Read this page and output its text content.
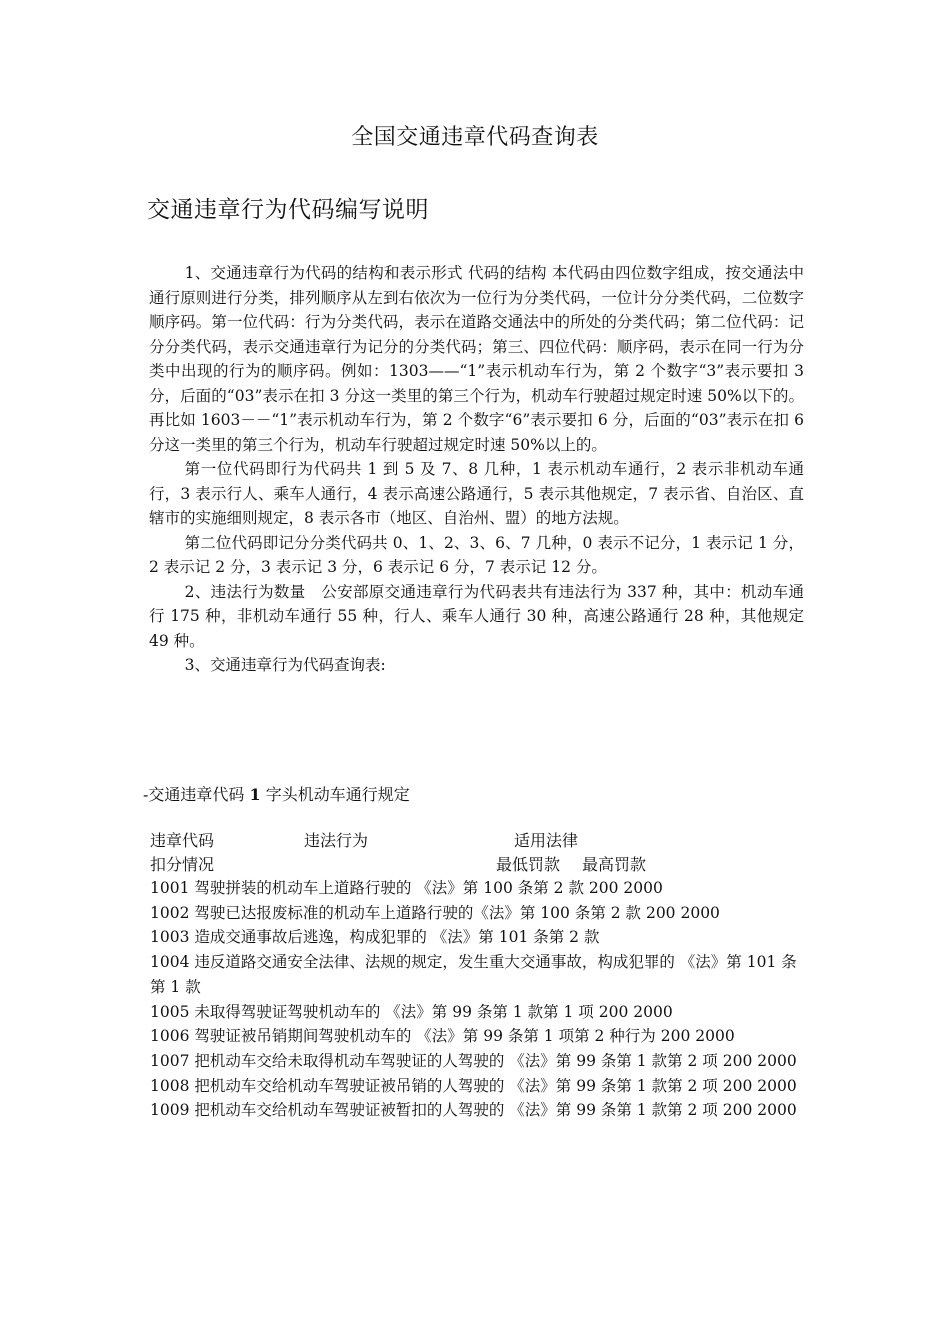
全国交通违章代码查询表
交通违章行为代码编写说明

1、交通违章行为代码的结构和表示形式 代码的结构 本代码由四位数字组成，按交通法中通行原则进行分类，排列顺序从左到右依次为一位行为分类代码，一位计分分类代码，二位数字顺序码。第一位代码：行为分类代码，表示在道路交通法中的所处的分类代码；第二位代码：记分分类代码，表示交通违章行为记分的分类代码；第三、四位代码：顺序码，表示在同一行为分类中出现的行为的顺序码。例如：1303——“1”表示机动车行为，第 2 个数字“3”表示要扣 3 分，后面的“03”表示在扣 3 分这一类里的第三个行为，机动车行驶超过规定时速 50%以下的。再比如 1603－－“1”表示机动车行为，第 2 个数字“6”表示要扣 6 分，后面的“03”表示在扣 6 分这一类里的第三个行为，机动车行驶超过规定时速 50%以上的。

第一位代码即行为代码共 1 到 5 及 7、8 几种，1 表示机动车通行，2 表示非机动车通行，3 表示行人、乘车人通行，4 表示高速公路通行，5 表示其他规定，7 表示省、自治区、直辖市的实施细则规定，8 表示各市（地区、自治州、盟）的地方法规。

第二位代码即记分分类代码共 0、1、2、3、6、7 几种，0 表示不记分，1 表示记 1 分，2 表示记 2 分，3 表示记 3 分，6 表示记 6 分，7 表示记 12 分。

2、违法行为数量　公安部原交通违章行为代码表共有违法行为 337 种，其中：机动车通行 175 种，非机动车通行 55 种，行人、乘车人通行 30 种，高速公路通行 28 种，其他规定 49 种。

3、交通违章行为代码查询表:

-交通违章代码 1 字头机动车通行规定
违章代码	违法行为	适用法律
扣分情况	最低罚款 最高罚款

1001 驾驶拼装的机动车上道路行驶的 《法》第 100 条第 2 款 200 2000

1002 驾驶已达报废标准的机动车上道路行驶的《法》第 100 条第 2 款 200 2000

1003 造成交通事故后逃逸，构成犯罪的 《法》第 101 条第 2 款

1004 违反道路交通安全法律、法规的规定，发生重大交通事故，构成犯罪的 《法》第 101 条第 1 款

1005 未取得驾驶证驾驶机动车的 《法》第 99 条第 1 款第 1 项 200 2000

1006 驾驶证被吊销期间驾驶机动车的 《法》第 99 条第 1 项第 2 种行为 200 2000

1007 把机动车交给未取得机动车驾驶证的人驾驶的 《法》第 99 条第 1 款第 2 项 200 2000

1008 把机动车交给机动车驾驶证被吊销的人驾驶的 《法》第 99 条第 1 款第 2 项 200 2000

1009 把机动车交给机动车驾驶证被暂扣的人驾驶的 《法》第 99 条第 1 款第 2 项 200 2000
